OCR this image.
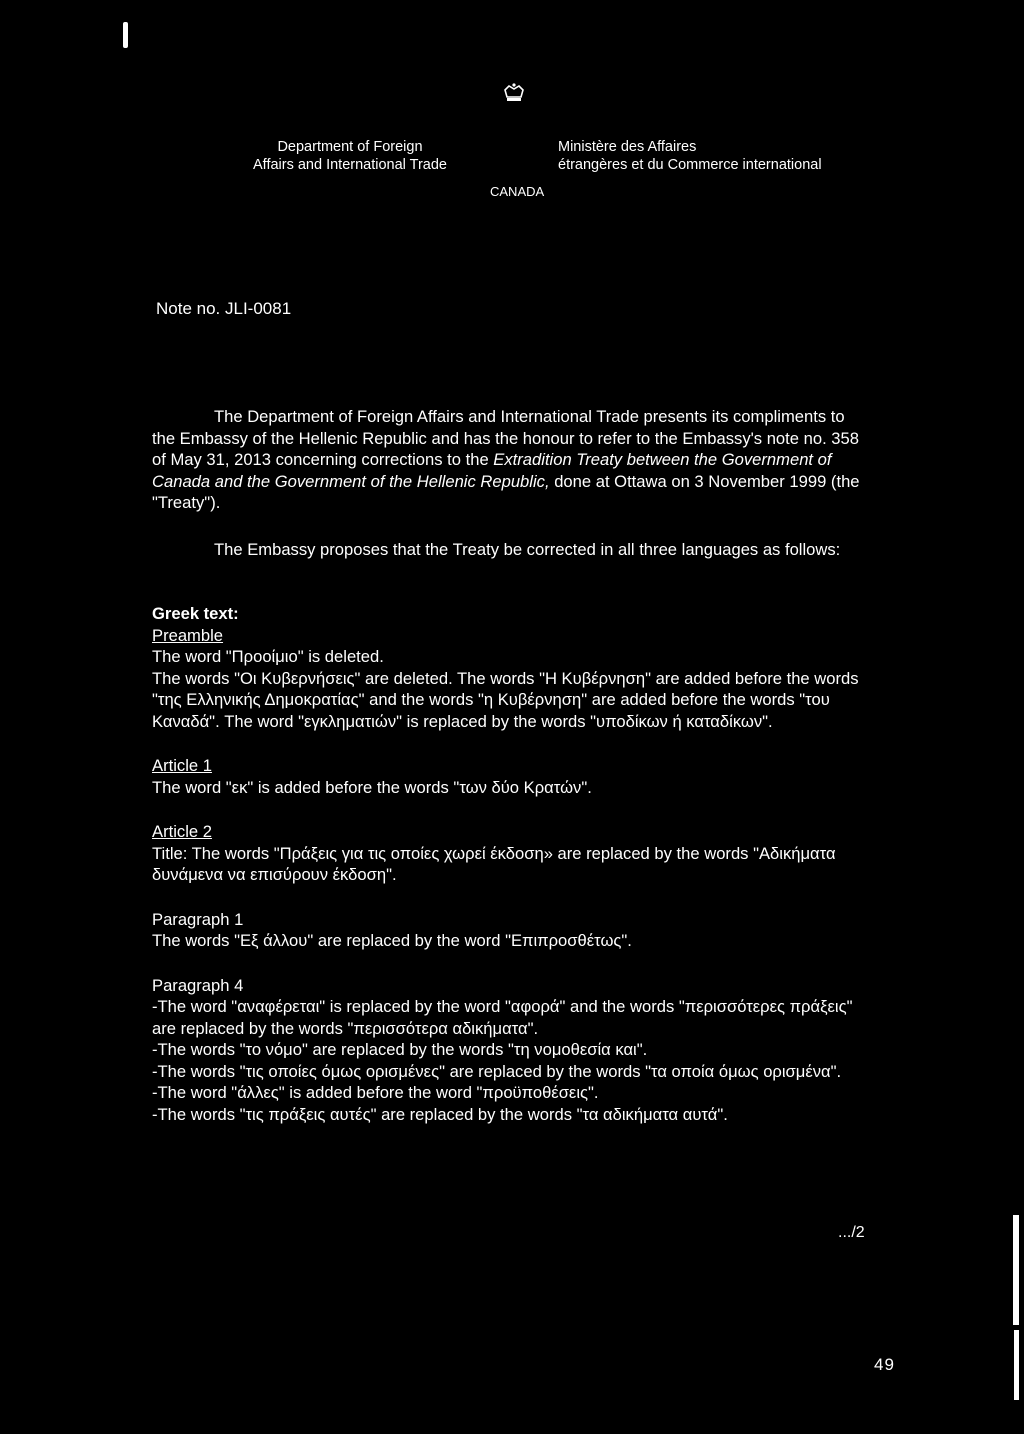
Department of Foreign
Affairs and International Trade
Ministère des Affaires
étrangères et du Commerce international
CANADA
Note no. JLI-0081
The Department of Foreign Affairs and International Trade presents its compliments to the Embassy of the Hellenic Republic and has the honour to refer to the Embassy's note no. 358 of May 31, 2013 concerning corrections to the Extradition Treaty between the Government of Canada and the Government of the Hellenic Republic, done at Ottawa on 3 November 1999 (the "Treaty").
The Embassy proposes that the Treaty be corrected in all three languages as follows:
Greek text:
Preamble
The word "Προοίμιο" is deleted.
The words "Οι Κυβερνήσεις" are deleted. The words "Η Κυβέρνηση" are added before the words "της Ελληνικής Δημοκρατίας" and the words "η Κυβέρνηση" are added before the words "του Καναδά". The word "εγκληματιών" is replaced by the words "υποδίκων ή καταδίκων".
Article 1
The word "εκ" is added before the words "των δύο Κρατών".
Article 2
Title: The words "Πράξεις για τις οποίες χωρεί έκδοση» are replaced by the words "Αδικήματα δυνάμενα να επισύρουν έκδοση".
Paragraph 1
The words "Εξ άλλου" are replaced by the word "Επιπροσθέτως".
Paragraph 4
-The word "αναφέρεται" is replaced by the word "αφορά" and the words "περισσότερες πράξεις" are replaced by the words "περισσότερα αδικήματα".
-The words "το νόμο" are replaced by the words "τη νομοθεσία και".
-The words "τις οποίες όμως ορισμένες" are replaced by the words "τα οποία όμως ορισμένα".
-The word "άλλες" is added before the word "προϋποθέσεις".
-The words "τις πράξεις αυτές" are replaced by the words "τα αδικήματα αυτά".
.../2
49
